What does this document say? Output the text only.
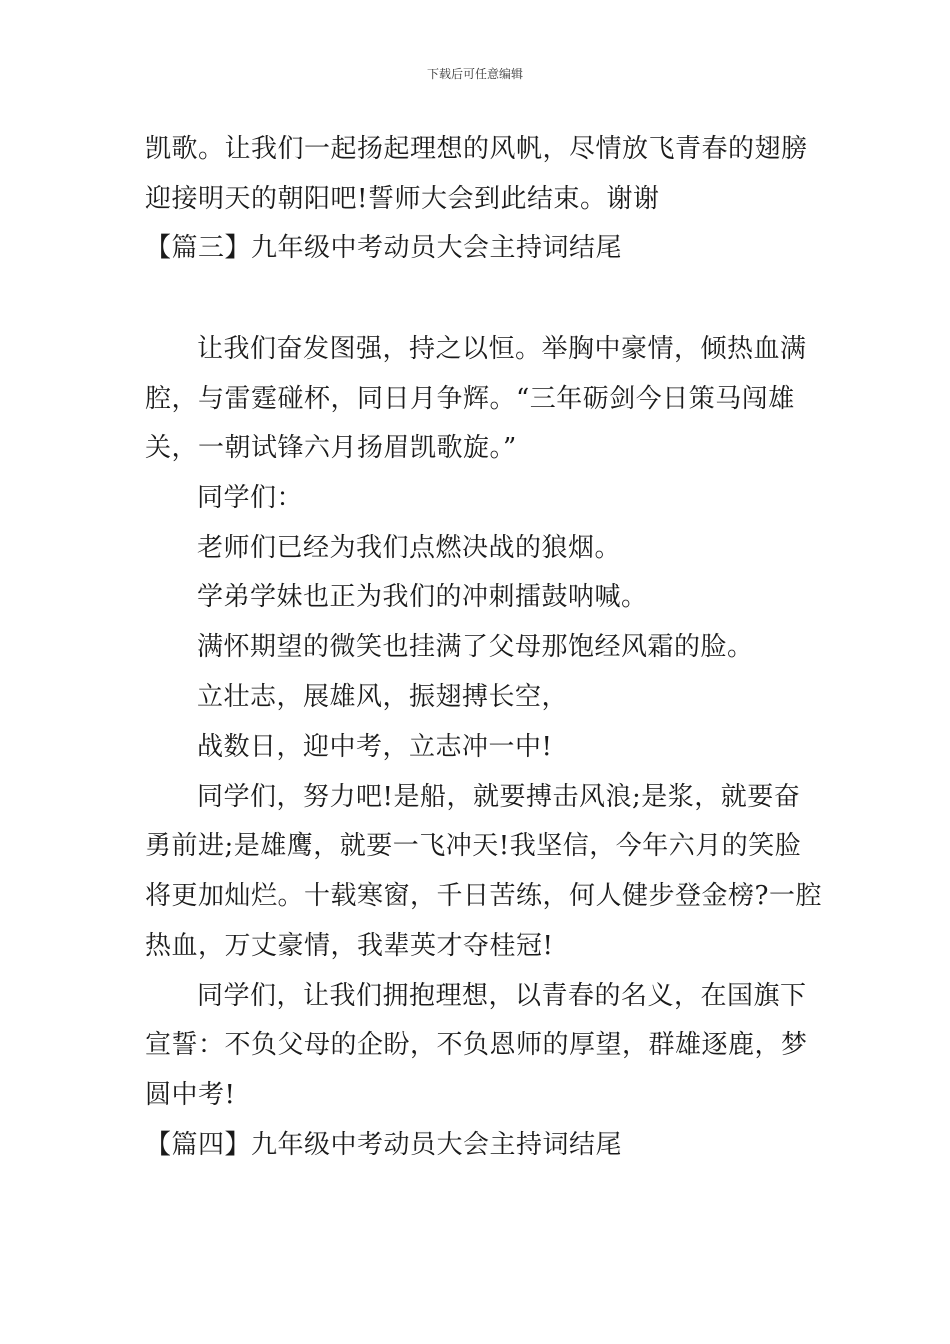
下载后可任意编辑
凯歌。让我们一起扬起理想的风帆，尽情放飞青春的翅膀
迎接明天的朝阳吧!誓师大会到此结束。谢谢
【篇三】九年级中考动员大会主持词结尾
让我们奋发图强，持之以恒。举胸中豪情，倾热血满
腔，与雷霆碰杯，同日月争辉。“三年砺剑今日策马闯雄
关，一朝试锋六月扬眉凯歌旋。”
同学们：
老师们已经为我们点燃决战的狼烟。
学弟学妹也正为我们的冲刺擂鼓呐喊。
满怀期望的微笑也挂满了父母那饱经风霜的脸。
立壮志，展雄风，振翅搏长空，
战数日，迎中考，立志冲一中!
同学们，努力吧!是船，就要搏击风浪;是浆，就要奋
勇前进;是雄鹰，就要一飞冲天!我坚信，今年六月的笑脸
将更加灿烂。十载寒窗，千日苦练，何人健步登金榜?一腔
热血，万丈豪情，我辈英才夺桂冠!
同学们，让我们拥抱理想，以青春的名义，在国旗下
宣誓：不负父母的企盼，不负恩师的厚望，群雄逐鹿，梦
圆中考!
【篇四】九年级中考动员大会主持词结尾
